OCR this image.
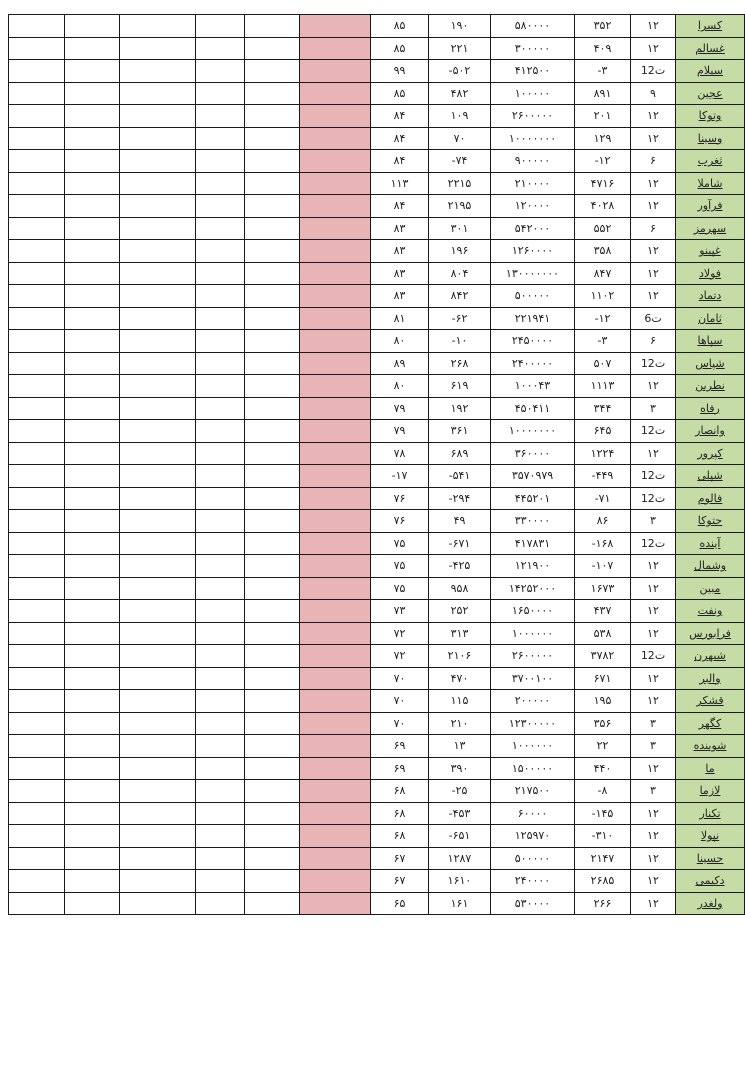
						۸۵	۱۹۰	۵۸۰۰۰۰	۳۵۲	۱۲	کسرا
						۸۵	۲۲۱	۳۰۰۰۰۰	۴۰۹	۱۲	غسالم
						۹۹	-۵۰۲	۴۱۲۵۰۰	-۳	12ت	سیلام
						۸۵	۴۸۲	۱۰۰۰۰۰	۸۹۱	۹	عجین
						۸۴	۱۰۹	۲۶۰۰۰۰۰	۲۰۱	۱۲	وتوکا
						۸۴	۷۰	۱۰۰۰۰۰۰۰	۱۲۹	۱۲	وسینا
						۸۴	-۷۴	۹۰۰۰۰۰	-۱۲	۶	ثغرب
						۱۱۳	۲۲۱۵	۲۱۰۰۰۰	۴۷۱۶	۱۲	شاملا
						۸۴	۲۱۹۵	۱۲۰۰۰۰	۴۰۲۸	۱۲	فرآور
						۸۳	۳۰۱	۵۴۲۰۰۰	۵۵۲	۶	سهرمز
						۸۳	۱۹۶	۱۲۶۰۰۰۰	۳۵۸	۱۲	غپینو
						۸۳	۸۰۴	۱۳۰۰۰۰۰۰۰	۸۴۷	۱۲	فولاد
						۸۳	۸۴۲	۵۰۰۰۰۰	۱۱۰۲	۱۲	دتماد
						۸۱	-۶۲	۲۲۱۹۴۱	-۱۲	6ت	ثامان
						۸۰	-۱۰	۲۴۵۰۰۰۰	-۳	۶	سپاها
						۸۹	۲۶۸	۲۴۰۰۰۰۰	۵۰۷	12ت	شپاس
						۸۰	۶۱۹	۱۰۰۰۴۳	۱۱۱۳	۱۲	نطرین
						۷۹	۱۹۲	۴۵۰۴۱۱	۳۴۴	۳	رفاه
						۷۹	۳۶۱	۱۰۰۰۰۰۰۰	۶۴۵	12ت	وانصار
						۷۸	۶۸۹	۳۶۰۰۰۰	۱۲۲۴	۱۲	کپرور
						-۱۷	-۵۴۱	۳۵۷۰۹۷۹	-۴۴۹	12ت	شپلی
						۷۶	-۲۹۴	۴۴۵۲۰۱	-۷۱	12ت	فالوم
						۷۶	۴۹	۳۳۰۰۰۰	۸۶	۳	حتوکا
						۷۵	-۶۷۱	۴۱۷۸۳۱	-۱۶۸	12ت	آینده
						۷۵	-۴۲۵	۱۲۱۹۰۰	-۱۰۷	۱۲	وشمال
						۷۵	۹۵۸	۱۴۲۵۲۰۰۰	۱۶۷۳	۱۲	مبین
						۷۳	۲۵۲	۱۶۵۰۰۰۰	۴۳۷	۱۲	ونفت
						۷۲	۳۱۳	۱۰۰۰۰۰۰	۵۳۸	۱۲	فرابورس
						۷۲	۲۱۰۶	۲۶۰۰۰۰۰	۳۷۸۲	12ت	شبهرن
						۷۰	۴۷۰	۳۷۰۰۱۰۰	۶۷۱	۱۲	والبر
						۷۰	۱۱۵	۲۰۰۰۰۰	۱۹۵	۱۲	قشکر
						۷۰	۲۱۰	۱۲۳۰۰۰۰۰	۳۵۶	۳	کگهر
						۶۹	۱۳	۱۰۰۰۰۰۰	۲۲	۳	شوینده
						۶۹	۳۹۰	۱۵۰۰۰۰۰	۴۴۰	۱۲	ما
						۶۸	-۲۵	۲۱۷۵۰۰	-۸	۳	لازما
						۶۸	-۴۵۳	۶۰۰۰۰	-۱۴۵	۱۲	تکنار
						۶۸	-۶۵۱	۱۲۵۹۷۰	-۳۱۰	۱۲	نپولا
						۶۷	۱۲۸۷	۵۰۰۰۰۰	۲۱۴۷	۱۲	حسینا
						۶۷	۱۶۱۰	۲۴۰۰۰۰	۲۶۸۵	۱۲	دکیمی
						۶۵	۱۶۱	۵۳۰۰۰۰	۲۶۶	۱۲	ولغدر
